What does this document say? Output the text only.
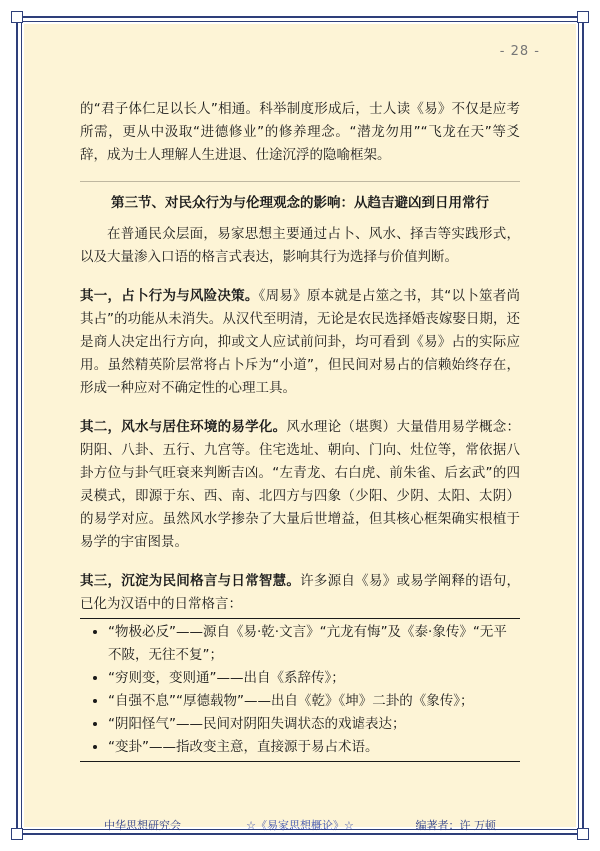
- 28 -

的“君子体仁足以长人”相通。科举制度形成后，士人读《易》不仅是应考所需，更从中汲取“进德修业”的修养理念。“潜龙勿用”“飞龙在天”等爻辞，成为士人理解人生进退、仕途沉浮的隐喻框架。

第三节、对民众行为与伦理观念的影响：从趋吉避凶到日用常行

在普通民众层面，易家思想主要通过占卜、风水、择吉等实践形式，以及大量渗入口语的格言式表达，影响其行为选择与价值判断。

其一，占卜行为与风险决策。《周易》原本就是占筮之书，其“以卜筮者尚其占”的功能从未消失。从汉代至明清，无论是农民选择婚丧嫁娶日期，还是商人决定出行方向，抑或文人应试前问卦，均可看到《易》占的实际应用。虽然精英阶层常将占卜斥为“小道”，但民间对易占的信赖始终存在，形成一种应对不确定性的心理工具。

其二，风水与居住环境的易学化。风水理论（堪舆）大量借用易学概念：阴阳、八卦、五行、九宫等。住宅选址、朝向、门向、灶位等，常依据八卦方位与卦气旺衰来判断吉凶。“左青龙、右白虎、前朱雀、后玄武”的四灵模式，即源于东、西、南、北四方与四象（少阳、少阴、太阳、太阴）的易学对应。虽然风水学掺杂了大量后世增益，但其核心框架确实根植于易学的宇宙图景。

其三，沉淀为民间格言与日常智慧。许多源自《易》或易学阐释的语句，已化为汉语中的日常格言：

• “物极必反”——源自《易·乾·文言》“亢龙有悔”及《泰·象传》“无平不陂，无往不复”；
• “穷则变，变则通”——出自《系辞传》；
• “自强不息”“厚德载物”——出自《乾》《坤》二卦的《象传》；
• “阴阳怪气”——民间对阴阳失调状态的戏谑表达；
• “变卦”——指改变主意，直接源于易占术语。
中华思想研究会	☆《易家思想概论》☆	编著者：许 万顿
